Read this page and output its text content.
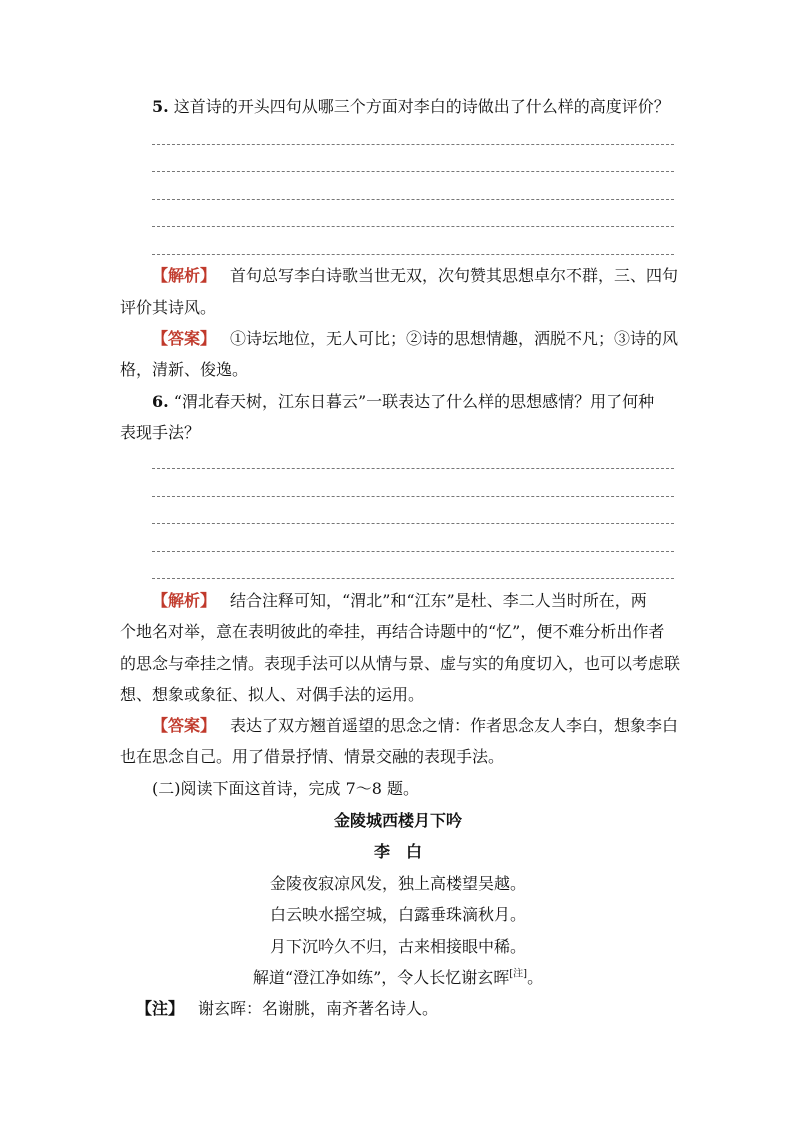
5. 这首诗的开头四句从哪三个方面对李白的诗做出了什么样的高度评价？
【解析】 首句总写李白诗歌当世无双，次句赞其思想卓尔不群，三、四句
评价其诗风。
【答案】 ①诗坛地位，无人可比；②诗的思想情趣，洒脱不凡；③诗的风
格，清新、俊逸。
6. “渭北春天树，江东日暮云”一联表达了什么样的思想感情？用了何种
表现手法？
【解析】 结合注释可知，“渭北”和“江东”是杜、李二人当时所在，两
个地名对举，意在表明彼此的牵挂，再结合诗题中的“忆”，便不难分析出作者
的思念与牵挂之情。表现手法可以从情与景、虚与实的角度切入，也可以考虑联
想、想象或象征、拟人、对偶手法的运用。
【答案】 表达了双方翘首遥望的思念之情：作者思念友人李白，想象李白
也在思念自己。用了借景抒情、情景交融的表现手法。
(二)阅读下面这首诗，完成 7～8 题。
金陵城西楼月下吟
李　白
金陵夜寂凉风发，独上高楼望吴越。
白云映水摇空城，白露垂珠滴秋月。
月下沉吟久不归，古来相接眼中稀。
解道“澄江净如练”，令人长忆谢玄晖[注]。
【注】 谢玄晖：名谢朓，南齐著名诗人。
